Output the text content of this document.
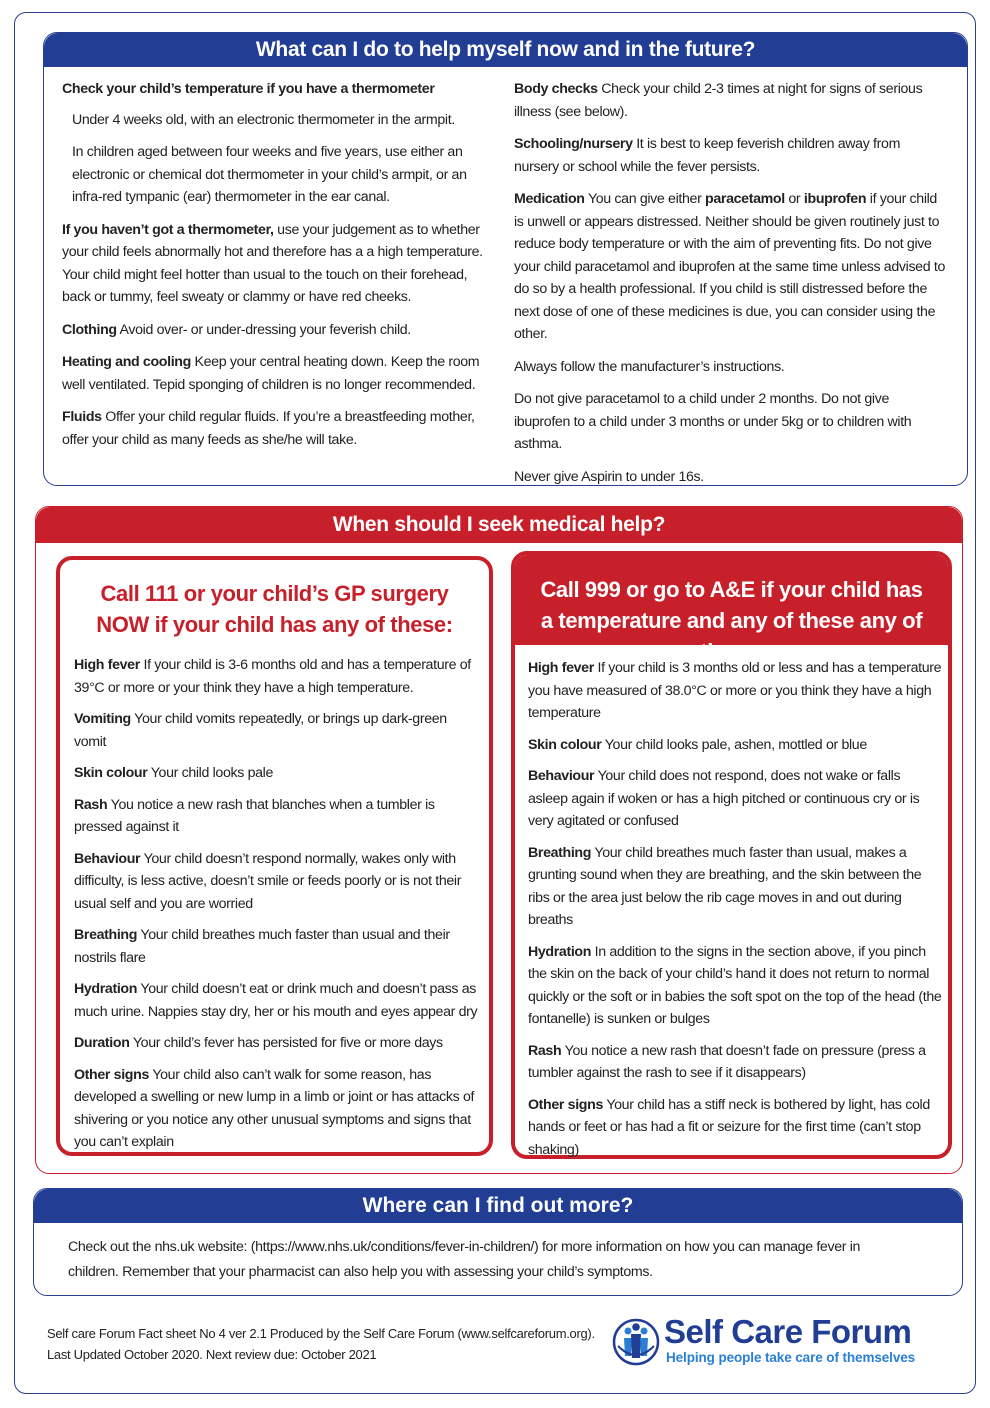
What can I do to help myself now and in the future?

Check your child’s temperature if you have a thermometer

Under 4 weeks old, with an electronic thermometer in the armpit.

In children aged between four weeks and five years, use either an electronic or chemical dot thermometer in your child’s armpit, or an infra-red tympanic (ear) thermometer in the ear canal.

If you haven’t got a thermometer, use your judgement as to whether your child feels abnormally hot and therefore has a a high temperature. Your child might feel hotter than usual to the touch on their forehead, back or tummy, feel sweaty or clammy or have red cheeks.

Clothing Avoid over- or under-dressing your feverish child.

Heating and cooling Keep your central heating down. Keep the room well ventilated. Tepid sponging of children is no longer recommended.

Fluids Offer your child regular fluids. If you’re a breastfeeding mother, offer your child as many feeds as she/he will take.

Body checks Check your child 2-3 times at night for signs of serious illness (see below).

Schooling/nursery It is best to keep feverish children away from nursery or school while the fever persists.

Medication You can give either paracetamol or ibuprofen if your child is unwell or appears distressed. Neither should be given routinely just to reduce body temperature or with the aim of preventing fits. Do not give your child paracetamol and ibuprofen at the same time unless advised to do so by a health professional. If you child is still distressed before the next dose of one of these medicines is due, you can consider using the other.

Always follow the manufacturer’s instructions.

Do not give paracetamol to a child under 2 months. Do not give ibuprofen to a child under 3 months or under 5kg or to children with asthma.

Never give Aspirin to under 16s.

When should I seek medical help?
Call 111 or your child’s GP surgery NOW if your child has any of these:

High fever If your child is 3-6 months old and has a temperature of 39°C or more or your think they have a high temperature.

Vomiting Your child vomits repeatedly, or brings up dark-green vomit

Skin colour Your child looks pale

Rash You notice a new rash that blanches when a tumbler is pressed against it

Behaviour Your child doesn’t respond normally, wakes only with difficulty, is less active, doesn’t smile or feeds poorly or is not their usual self and you are worried

Breathing Your child breathes much faster than usual and their nostrils flare

Hydration Your child doesn’t eat or drink much and doesn’t pass as much urine. Nappies stay dry, her or his mouth and eyes appear dry

Duration Your child’s fever has persisted for five or more days

Other signs Your child also can’t walk for some reason, has developed a swelling or new lump in a limb or joint or has attacks of shivering or you notice any other unusual symptoms and signs that you can’t explain

Call 999 or go to A&E if your child has a temperature and any of these any of these:

High fever If your child is 3 months old or less and has a temperature you have measured of 38.0°C or more or you think they have a high temperature

Skin colour Your child looks pale, ashen, mottled or blue

Behaviour Your child does not respond, does not wake or falls asleep again if woken or has a high pitched or continuous cry or is very agitated or confused

Breathing Your child breathes much faster than usual, makes a grunting sound when they are breathing, and the skin between the ribs or the area just below the rib cage moves in and out during breaths

Hydration In addition to the signs in the section above, if you pinch the skin on the back of your child’s hand it does not return to normal quickly or the soft or in babies the soft spot on the top of the head (the fontanelle) is sunken or bulges

Rash You notice a new rash that doesn’t fade on pressure (press a tumbler against the rash to see if it disappears)

Other signs Your child has a stiff neck is bothered by light, has cold hands or feet or has had a fit or seizure for the first time (can’t stop shaking)

Where can I find out more?
Check out the nhs.uk website: (https://www.nhs.uk/conditions/fever-in-children/) for more information on how you can manage fever in children. Remember that your pharmacist can also help you with assessing your child’s symptoms.
Self care Forum Fact sheet No 4 ver 2.1 Produced by the Self Care Forum (www.selfcareforum.org).
Last Updated October 2020. Next review due: October 2021
Self Care Forum
Helping people take care of themselves
